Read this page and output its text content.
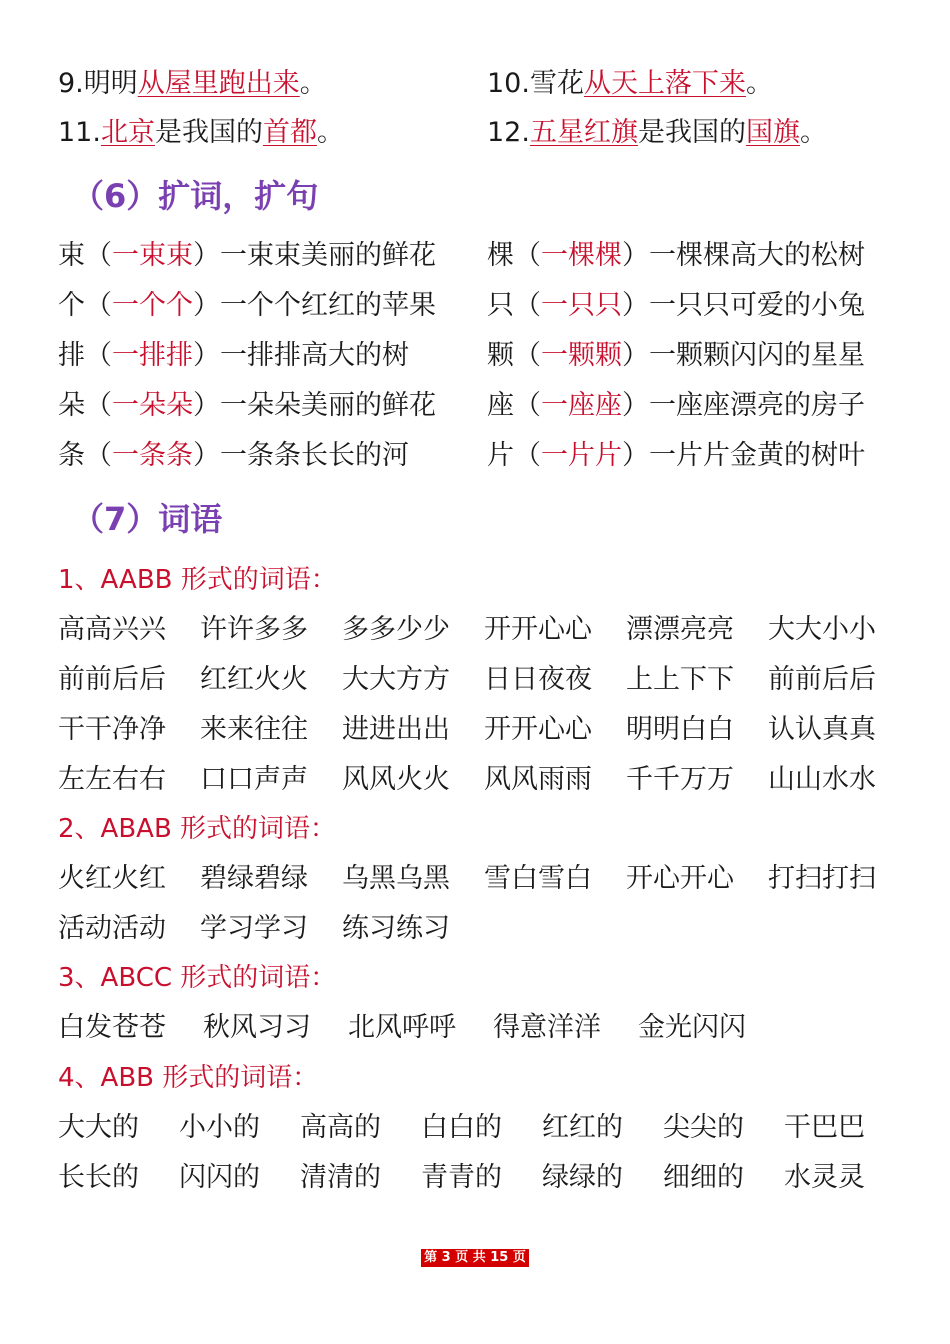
9.明明从屋里跑出来。	10.雪花从天上落下来。
11.北京是我国的首都。	12.五星红旗是我国的国旗。
（6）扩词，扩句
束（一束束）一束束美丽的鲜花 棵（一棵棵）一棵棵高大的松树
个（一个个）一个个红红的苹果 只（一只只）一只只可爱的小兔
排（一排排）一排排高大的树	颗（一颗颗）一颗颗闪闪的星星
朵（一朵朵）一朵朵美丽的鲜花 座（一座座）一座座漂亮的房子
条（一条条）一条条长长的河	片（一片片）一片片金黄的树叶
（7）词语
1、AABB 形式的词语：
高高兴兴	许许多多	多多少少	开开心心	漂漂亮亮	大大小小
前前后后	红红火火	大大方方	日日夜夜	上上下下	前前后后
干干净净	来来往往	进进出出	开开心心	明明白白	认认真真
左左右右	口口声声	风风火火	风风雨雨	千千万万	山山水水
2、ABAB 形式的词语：
火红火红	碧绿碧绿	乌黑乌黑	雪白雪白	开心开心	打扫打扫
活动活动	学习学习	练习练习
3、ABCC 形式的词语：
白发苍苍	秋风习习	北风呼呼	得意洋洋	金光闪闪
4、ABB 形式的词语：
大大的	小小的	高高的	白白的	红红的	尖尖的	干巴巴
长长的	闪闪的	清清的	青青的	绿绿的	细细的	水灵灵
第 3 页 共 15 页
